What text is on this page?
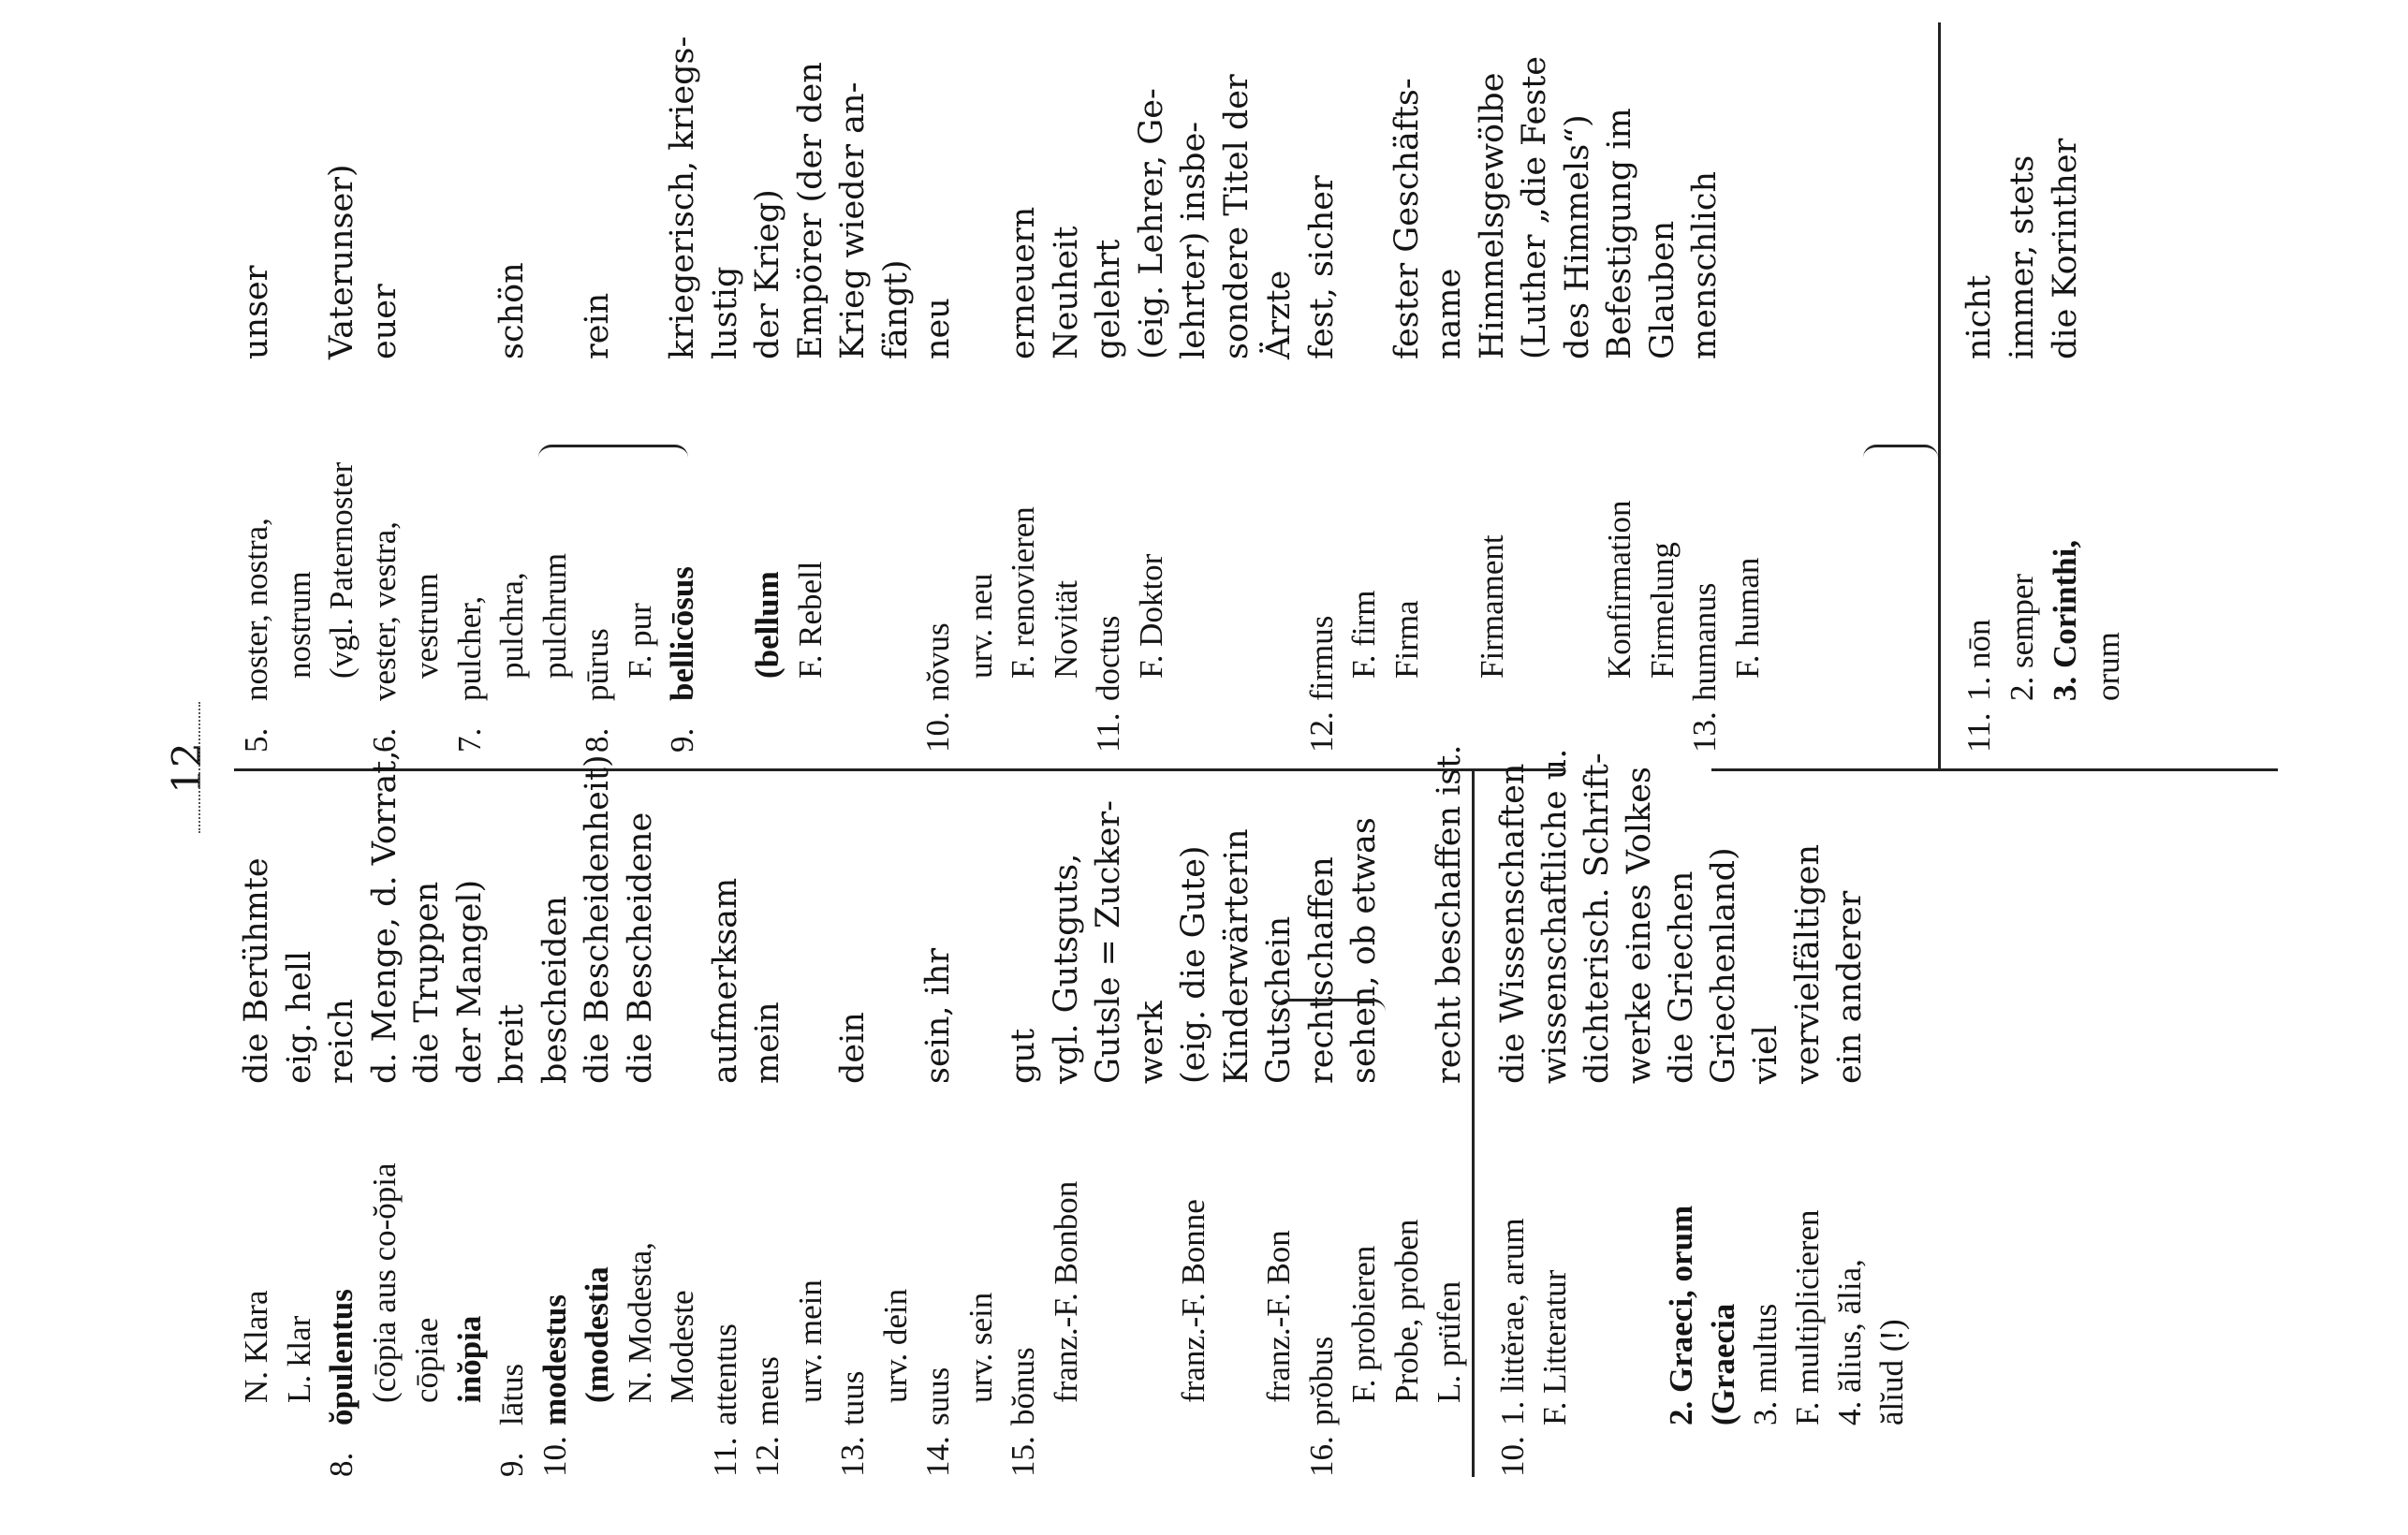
12
N. Klara
die Berühmte
L. klar
eig. hell
8.
ŏpulentus
reich
(cōpia aus co-ŏpia
d. Menge, d. Vorrat,
cōpiae
die Truppen
inŏpia
der Mangel)
9.
lātus
breit
10.
modestus
bescheiden
(modestia
die Bescheidenheit)
N. Modesta,
die Bescheidene
Modeste
11.
attentus
aufmerksam
12.
meus
mein
urv. mein
13.
tuus
dein
urv. dein
14.
suus
sein, ihr
urv. sein
15.
bŏnus
gut
franz.-F. Bonbon
vgl. Gutsguts, Gutsle = Zucker- werk
franz.-F. Bonne
(eig. die Gute) Kinderwärterin
franz.-F. Bon
Gutschein
16.
prŏbus
rechtschaffen
F. probieren
sehen, ob etwas
Probe, proben L. prüfen
recht beschaffen ist.
10.
1. littĕrae, arum
die Wissenschaften
F. Litteratur
wissenschaftliche u. dichterisch. Schrift- werke eines Volkes
2. Graeci, orum
die Griechen
(Graecia
Griechenland)
3. multus
viel
F. multiplicieren
vervielfältigen
4. ălius, ălia,
ein anderer
ălĭud (!)
5.
noster, nostra,
unser
nostrum (vgl. Paternoster
Vaterunser)
6.
vester, vestra,
euer
vestrum
7.
pulcher, pulchra,
schön
pulchrum
8.
pūrus
rein
F. pur
9.
bellicōsus
kriegerisch, kriegs- lustig
(bellum
der Krieg)
F. Rebell
Empörer (der den Krieg wieder an- fängt)
10.
nŏvus
neu
urv. neu F. renovieren
erneuern
Novität
Neuheit
11.
doctus
gelehrt
F. Doktor
(eig. Lehrer, Ge- lehrter) insbe- sondere Titel der Ärzte
12.
firmus
fest, sicher
F. firm Firma
fester Geschäfts- name
Firmament
Himmelsgewölbe (Luther „die Feste des Himmels“)
Konfirmation
Befestigung im
Firmelung
Glauben
13.
humanus
menschlich
F. human
11.
1. nōn
nicht
2. semper
immer, stets
3. Corinthi,
die Korinther
orum
